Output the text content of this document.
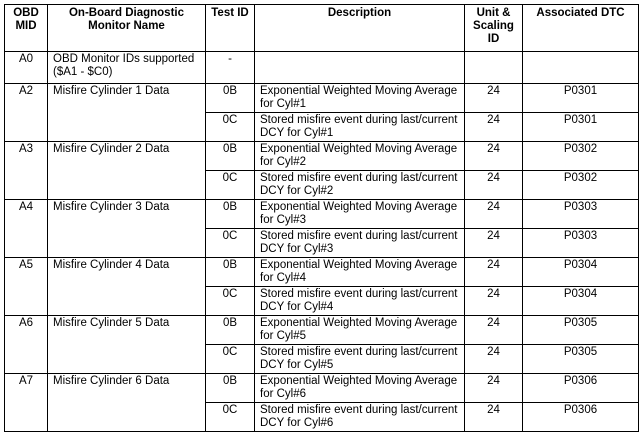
OBD MID	On-Board Diagnostic Monitor Name	Test ID	Description	Unit & Scaling ID	Associated DTC
A0	OBD Monitor IDs supported ($A1 - $C0)	-			
A2	Misfire Cylinder 1 Data	0B	Exponential Weighted Moving Average for Cyl#1	24	P0301
		0C	Stored misfire event during last/current DCY for Cyl#1	24	P0301
A3	Misfire Cylinder 2 Data	0B	Exponential Weighted Moving Average for Cyl#2	24	P0302
		0C	Stored misfire event during last/current DCY for Cyl#2	24	P0302
A4	Misfire Cylinder 3 Data	0B	Exponential Weighted Moving Average for Cyl#3	24	P0303
		0C	Stored misfire event during last/current DCY for Cyl#3	24	P0303
A5	Misfire Cylinder 4 Data	0B	Exponential Weighted Moving Average for Cyl#4	24	P0304
		0C	Stored misfire event during last/current DCY for Cyl#4	24	P0304
A6	Misfire Cylinder 5 Data	0B	Exponential Weighted Moving Average for Cyl#5	24	P0305
		0C	Stored misfire event during last/current DCY for Cyl#5	24	P0305
A7	Misfire Cylinder 6 Data	0B	Exponential Weighted Moving Average for Cyl#6	24	P0306
		0C	Stored misfire event during last/current DCY for Cyl#6	24	P0306
